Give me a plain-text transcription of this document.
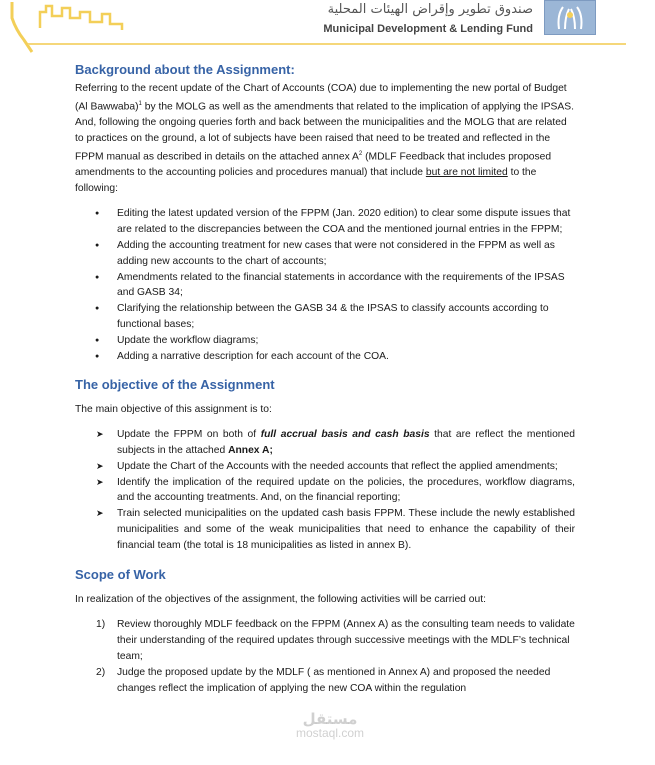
صندوق تطوير وإقراض الهيئات المحلية
Municipal Development & Lending Fund
Background about the Assignment:

Referring to the recent update of the Chart of Accounts (COA) due to implementing the new portal of Budget (Al Bawwaba)$^1$ by the MOLG as well as the amendments that related to the implication of applying the IPSAS. And, following the ongoing queries forth and back between the municipalities and the MOLG that are related to practices on the ground, a lot of subjects have been raised that need to be treated and reflected in the FPPM manual as described in details on the attached annex $A^2$ (MDLF Feedback that includes proposed amendments to the accounting policies and procedures manual) that include but are not limited to the following:

● Editing the latest updated version of the FPPM (Jan. 2020 edition) to clear some dispute issues that are related to the discrepancies between the COA and the mentioned journal entries in the FPPM;
● Adding the accounting treatment for new cases that were not considered in the FPPM as well as adding new accounts to the chart of accounts;
● Amendments related to the financial statements in accordance with the requirements of the IPSAS and GASB 34;
● Clarifying the relationship between the GASB 34 & the IPSAS to classify accounts according to functional bases;
● Update the workflow diagrams;
● Adding a narrative description for each account of the COA.
The objective of the Assignment

The main objective of this assignment is to:

➤ Update the FPPM on both of full accrual basis and cash basis that are reflect the mentioned subjects in the attached Annex A;
➤ Update the Chart of the Accounts with the needed accounts that reflect the applied amendments;
➤ Identify the implication of the required update on the policies, the procedures, workflow diagrams, and the accounting treatments. And, on the financial reporting;
➤ Train selected municipalities on the updated cash basis FPPM. These include the newly established municipalities and some of the weak municipalities that need to enhance the capability of their financial team (the total is 18 municipalities as listed in annex B).
Scope of Work

In realization of the objectives of the assignment, the following activities will be carried out:

1) Review thoroughly MDLF feedback on the FPPM (Annex A) as the consulting team needs to validate their understanding of the required updates through successive meetings with the MDLF’s technical team;
2) Judge the proposed update by the MDLF ( as mentioned in Annex A) and proposed the needed changes reflect the implication of applying the new COA within the regulation
مستقل
mostaql.com
